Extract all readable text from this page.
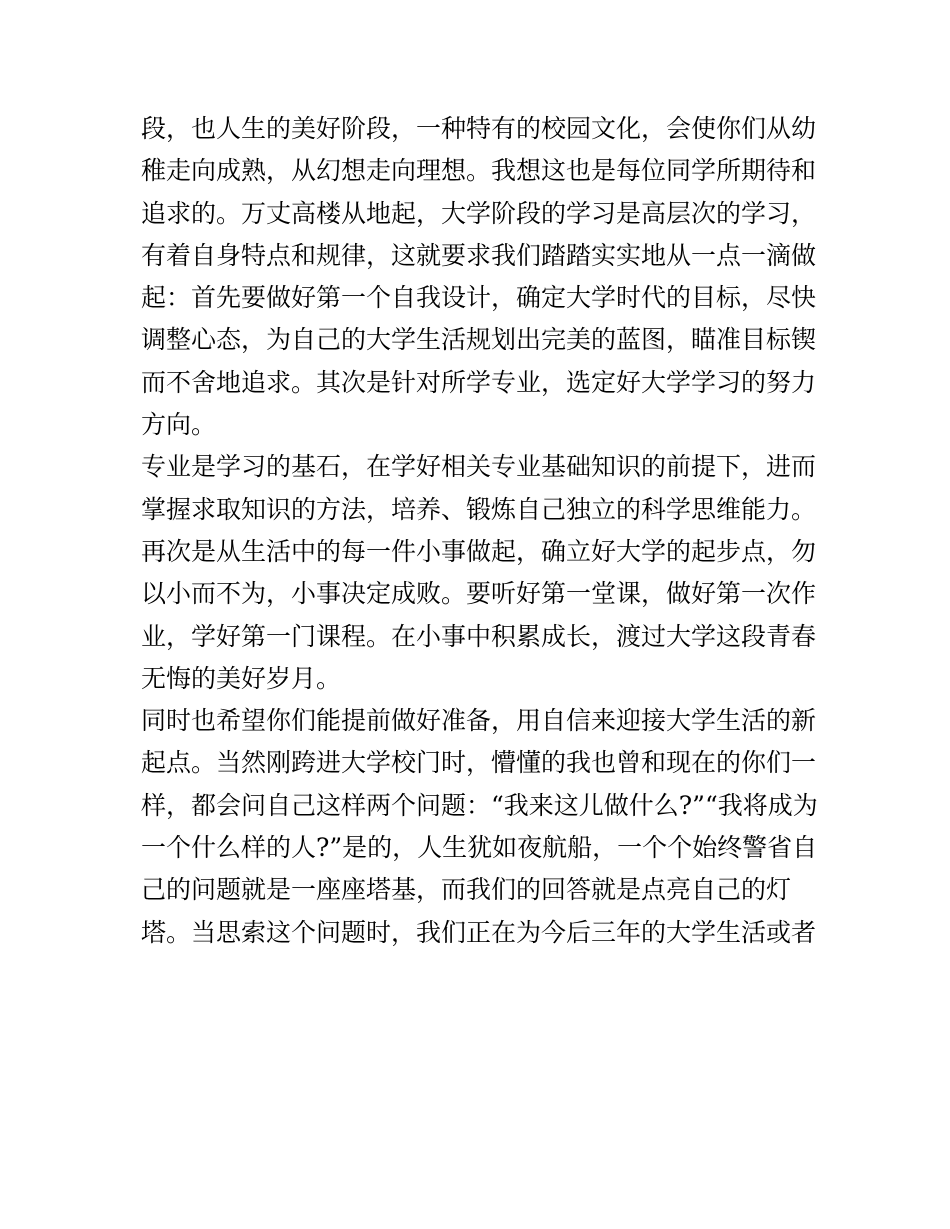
段，也人生的美好阶段，一种特有的校园文化，会使你们从幼
稚走向成熟，从幻想走向理想。我想这也是每位同学所期待和
追求的。万丈高楼从地起，大学阶段的学习是高层次的学习，
有着自身特点和规律，这就要求我们踏踏实实地从一点一滴做
起：首先要做好第一个自我设计，确定大学时代的目标，尽快
调整心态，为自己的大学生活规划出完美的蓝图，瞄准目标锲
而不舍地追求。其次是针对所学专业，选定好大学学习的努力
方向。
专业是学习的基石，在学好相关专业基础知识的前提下，进而
掌握求取知识的方法，培养、锻炼自己独立的科学思维能力。
再次是从生活中的每一件小事做起，确立好大学的起步点，勿
以小而不为，小事决定成败。要听好第一堂课，做好第一次作
业，学好第一门课程。在小事中积累成长，渡过大学这段青春
无悔的美好岁月。
同时也希望你们能提前做好准备，用自信来迎接大学生活的新
起点。当然刚跨进大学校门时，懵懂的我也曾和现在的你们一
样，都会问自己这样两个问题：“我来这儿做什么?”“我将成为
一个什么样的人?”是的，人生犹如夜航船，一个个始终警省自
己的问题就是一座座塔基，而我们的回答就是点亮自己的灯
塔。当思索这个问题时，我们正在为今后三年的大学生活或者
